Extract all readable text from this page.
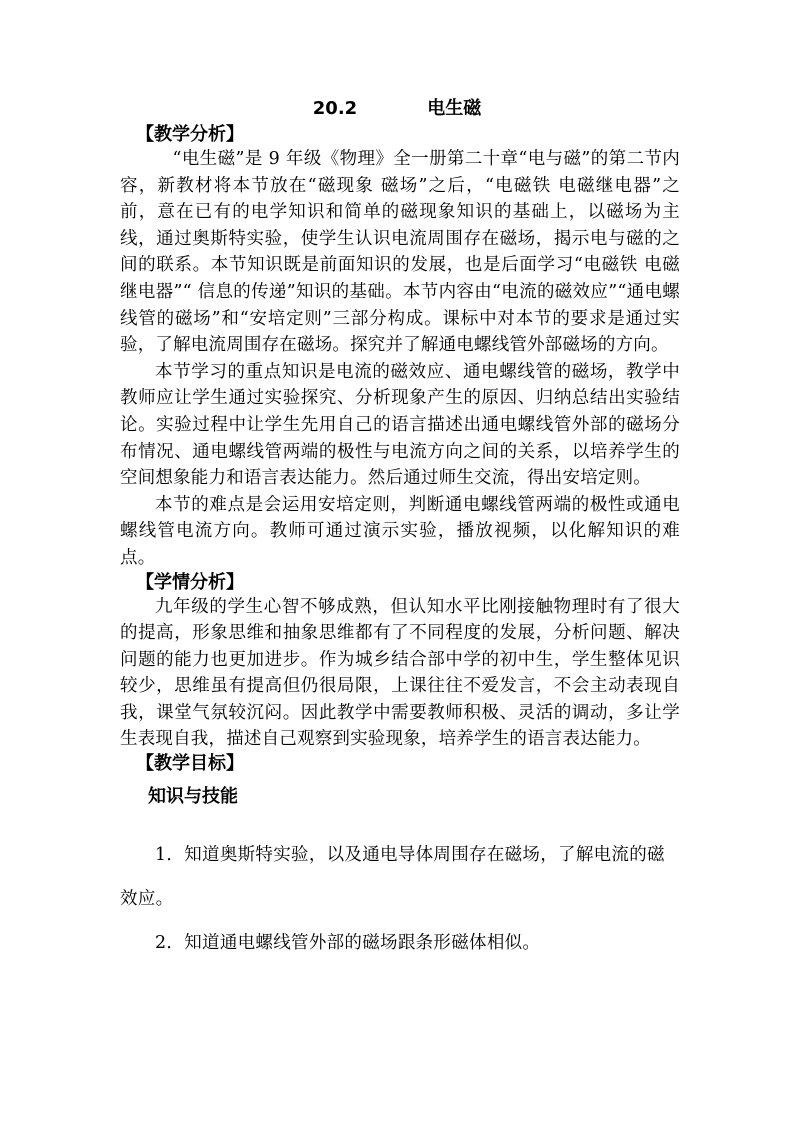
20.2	电生磁
【教学分析】

“电生磁”是 9 年级《物理》全一册第二十章“电与磁”的第二节内容，新教材将本节放在“磁现象 磁场”之后，“电磁铁 电磁继电器”之前，意在已有的电学知识和简单的磁现象知识的基础上，以磁场为主线，通过奥斯特实验，使学生认识电流周围存在磁场，揭示电与磁的之间的联系。本节知识既是前面知识的发展，也是后面学习“电磁铁 电磁继电器”“ 信息的传递”知识的基础。本节内容由“电流的磁效应”“通电螺线管的磁场”和“安培定则”三部分构成。课标中对本节的要求是通过实验，了解电流周围存在磁场。探究并了解通电螺线管外部磁场的方向。

本节学习的重点知识是电流的磁效应、通电螺线管的磁场，教学中教师应让学生通过实验探究、分析现象产生的原因、归纳总结出实验结论。实验过程中让学生先用自己的语言描述出通电螺线管外部的磁场分布情况、通电螺线管两端的极性与电流方向之间的关系，以培养学生的空间想象能力和语言表达能力。然后通过师生交流，得出安培定则。

本节的难点是会运用安培定则，判断通电螺线管两端的极性或通电螺线管电流方向。教师可通过演示实验，播放视频，以化解知识的难点。

【学情分析】

九年级的学生心智不够成熟，但认知水平比刚接触物理时有了很大的提高，形象思维和抽象思维都有了不同程度的发展，分析问题、解决问题的能力也更加进步。作为城乡结合部中学的初中生，学生整体见识较少，思维虽有提高但仍很局限，上课往往不爱发言，不会主动表现自我，课堂气氛较沉闷。因此教学中需要教师积极、灵活的调动，多让学生表现自我，描述自己观察到实验现象，培养学生的语言表达能力。

【教学目标】
知识与技能

1．知道奥斯特实验，以及通电导体周围存在磁场，了解电流的磁效应。

2．知道通电螺线管外部的磁场跟条形磁体相似。
